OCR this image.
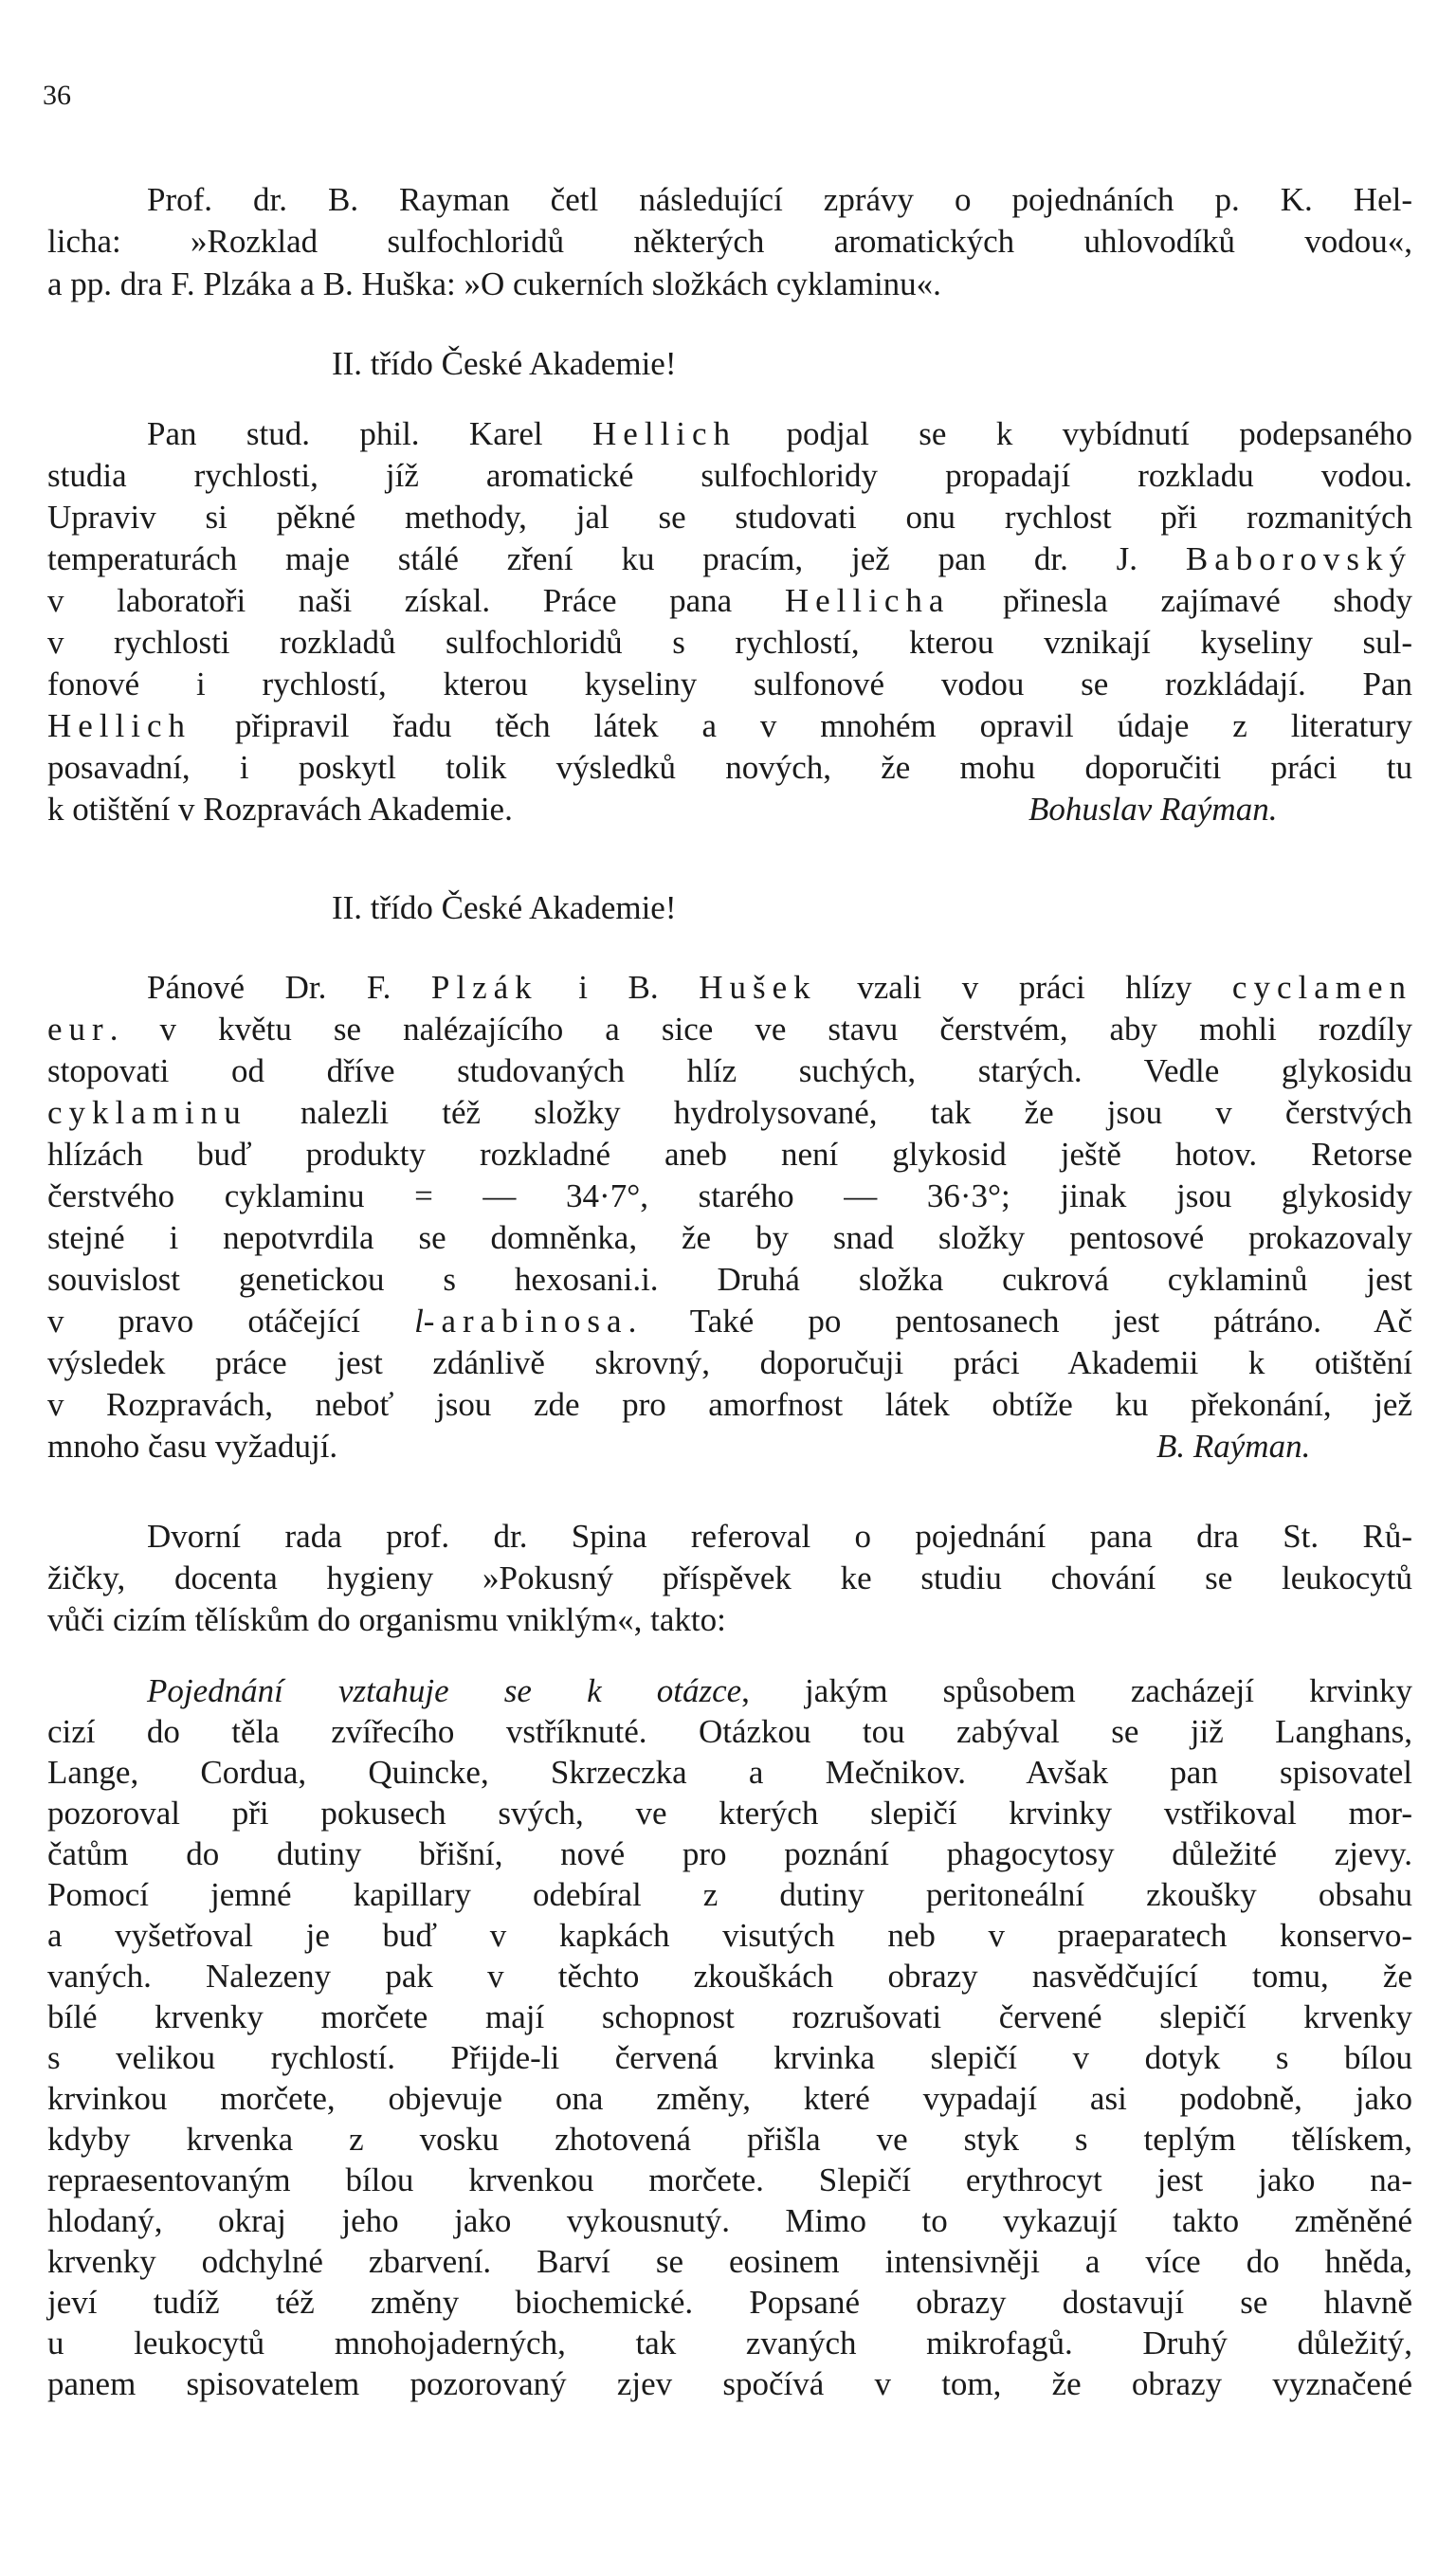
36
Prof. dr. B. Rayman četl následující zprávy o pojednáních p. K. Hel-
licha: »Rozklad sulfochloridů některých aromatických uhlovodíků vodou«,
a pp. dra F. Plzáka a B. Huška: »O cukerních složkách cyklaminu«.
II. třído České Akademie!
Pan stud. phil. Karel Hellich podjal se k vybídnutí podepsaného
studia rychlosti, jíž aromatické sulfochloridy propadají rozkladu vodou.
Upraviv si pěkné methody, jal se studovati onu rychlost při rozmanitých
temperaturách maje stálé zření ku pracím, jež pan dr. J. Baborovský
v laboratoři naši získal. Práce pana Hellicha přinesla zajímavé shody
v rychlosti rozkladů sulfochloridů s rychlostí, kterou vznikají kyseliny sul-
fonové i rychlostí, kterou kyseliny sulfonové vodou se rozkládají. Pan
Hellich připravil řadu těch látek a v mnohém opravil údaje z literatury
posavadní, i poskytl tolik výsledků nových, že mohu doporučiti práci tu
k otištění v Rozpravách Akademie.	Bohuslav Raýman.
II. třído České Akademie!
Pánové Dr. F. Plzák i B. Hušek vzali v práci hlízy cyclamen
eur. v květu se nalézajícího a sice ve stavu čerstvém, aby mohli rozdíly
stopovati od dříve studovaných hlíz suchých, starých. Vedle glykosidu
cyklaminu nalezli též složky hydrolysované, tak že jsou v čerstvých
hlízách buď produkty rozkladné aneb není glykosid ještě hotov. Retorse
čerstvého cyklaminu = — 34·7°, starého — 36·3°; jinak jsou glykosidy
stejné i nepotvrdila se domněnka, že by snad složky pentosové prokazovaly
souvislost genetickou s hexosani.i. Druhá složka cukrová cyklaminů jest
v pravo otáčející l-arabinosa. Také po pentosanech jest pátráno. Ač
výsledek práce jest zdánlivě skrovný, doporučuji práci Akademii k otištění
v Rozpravách, neboť jsou zde pro amorfnost látek obtíže ku překonání, jež
mnoho času vyžadují.	B. Raýman.
Dvorní rada prof. dr. Spina referoval o pojednání pana dra St. Rů-
žičky, docenta hygieny »Pokusný příspěvek ke studiu chování se leukocytů
vůči cizím tělískům do organismu vniklým«, takto:
Pojednání vztahuje se k otázce, jakým spůsobem zacházejí krvinky
cizí do těla zvířecího vstříknuté. Otázkou tou zabýval se již Langhans,
Lange, Cordua, Quincke, Skrzeczka a Mečnikov. Avšak pan spisovatel
pozoroval při pokusech svých, ve kterých slepičí krvinky vstřikoval mor-
čatům do dutiny břišní, nové pro poznání phagocytosy důležité zjevy.
Pomocí jemné kapillary odebíral z dutiny peritoneální zkoušky obsahu
a vyšetřoval je buď v kapkách visutých neb v praeparatech konservo-
vaných. Nalezeny pak v těchto zkouškách obrazy nasvědčující tomu, že
bílé krvenky morčete mají schopnost rozrušovati červené slepičí krvenky
s velikou rychlostí. Přijde-li červená krvinka slepičí v dotyk s bílou
krvinkou morčete, objevuje ona změny, které vypadají asi podobně, jako
kdyby krvenka z vosku zhotovená přišla ve styk s teplým tělískem,
repraesentovaným bílou krvenkou morčete. Slepičí erythrocyt jest jako na-
hlodaný, okraj jeho jako vykousnutý. Mimo to vykazují takto změněné
krvenky odchylné zbarvení. Barví se eosinem intensivněji a více do hněda,
jeví tudíž též změny biochemické. Popsané obrazy dostavují se hlavně
u leukocytů mnohojaderných, tak zvaných mikrofagů. Druhý důležitý,
panem spisovatelem pozorovaný zjev spočívá v tom, že obrazy vyznačené
